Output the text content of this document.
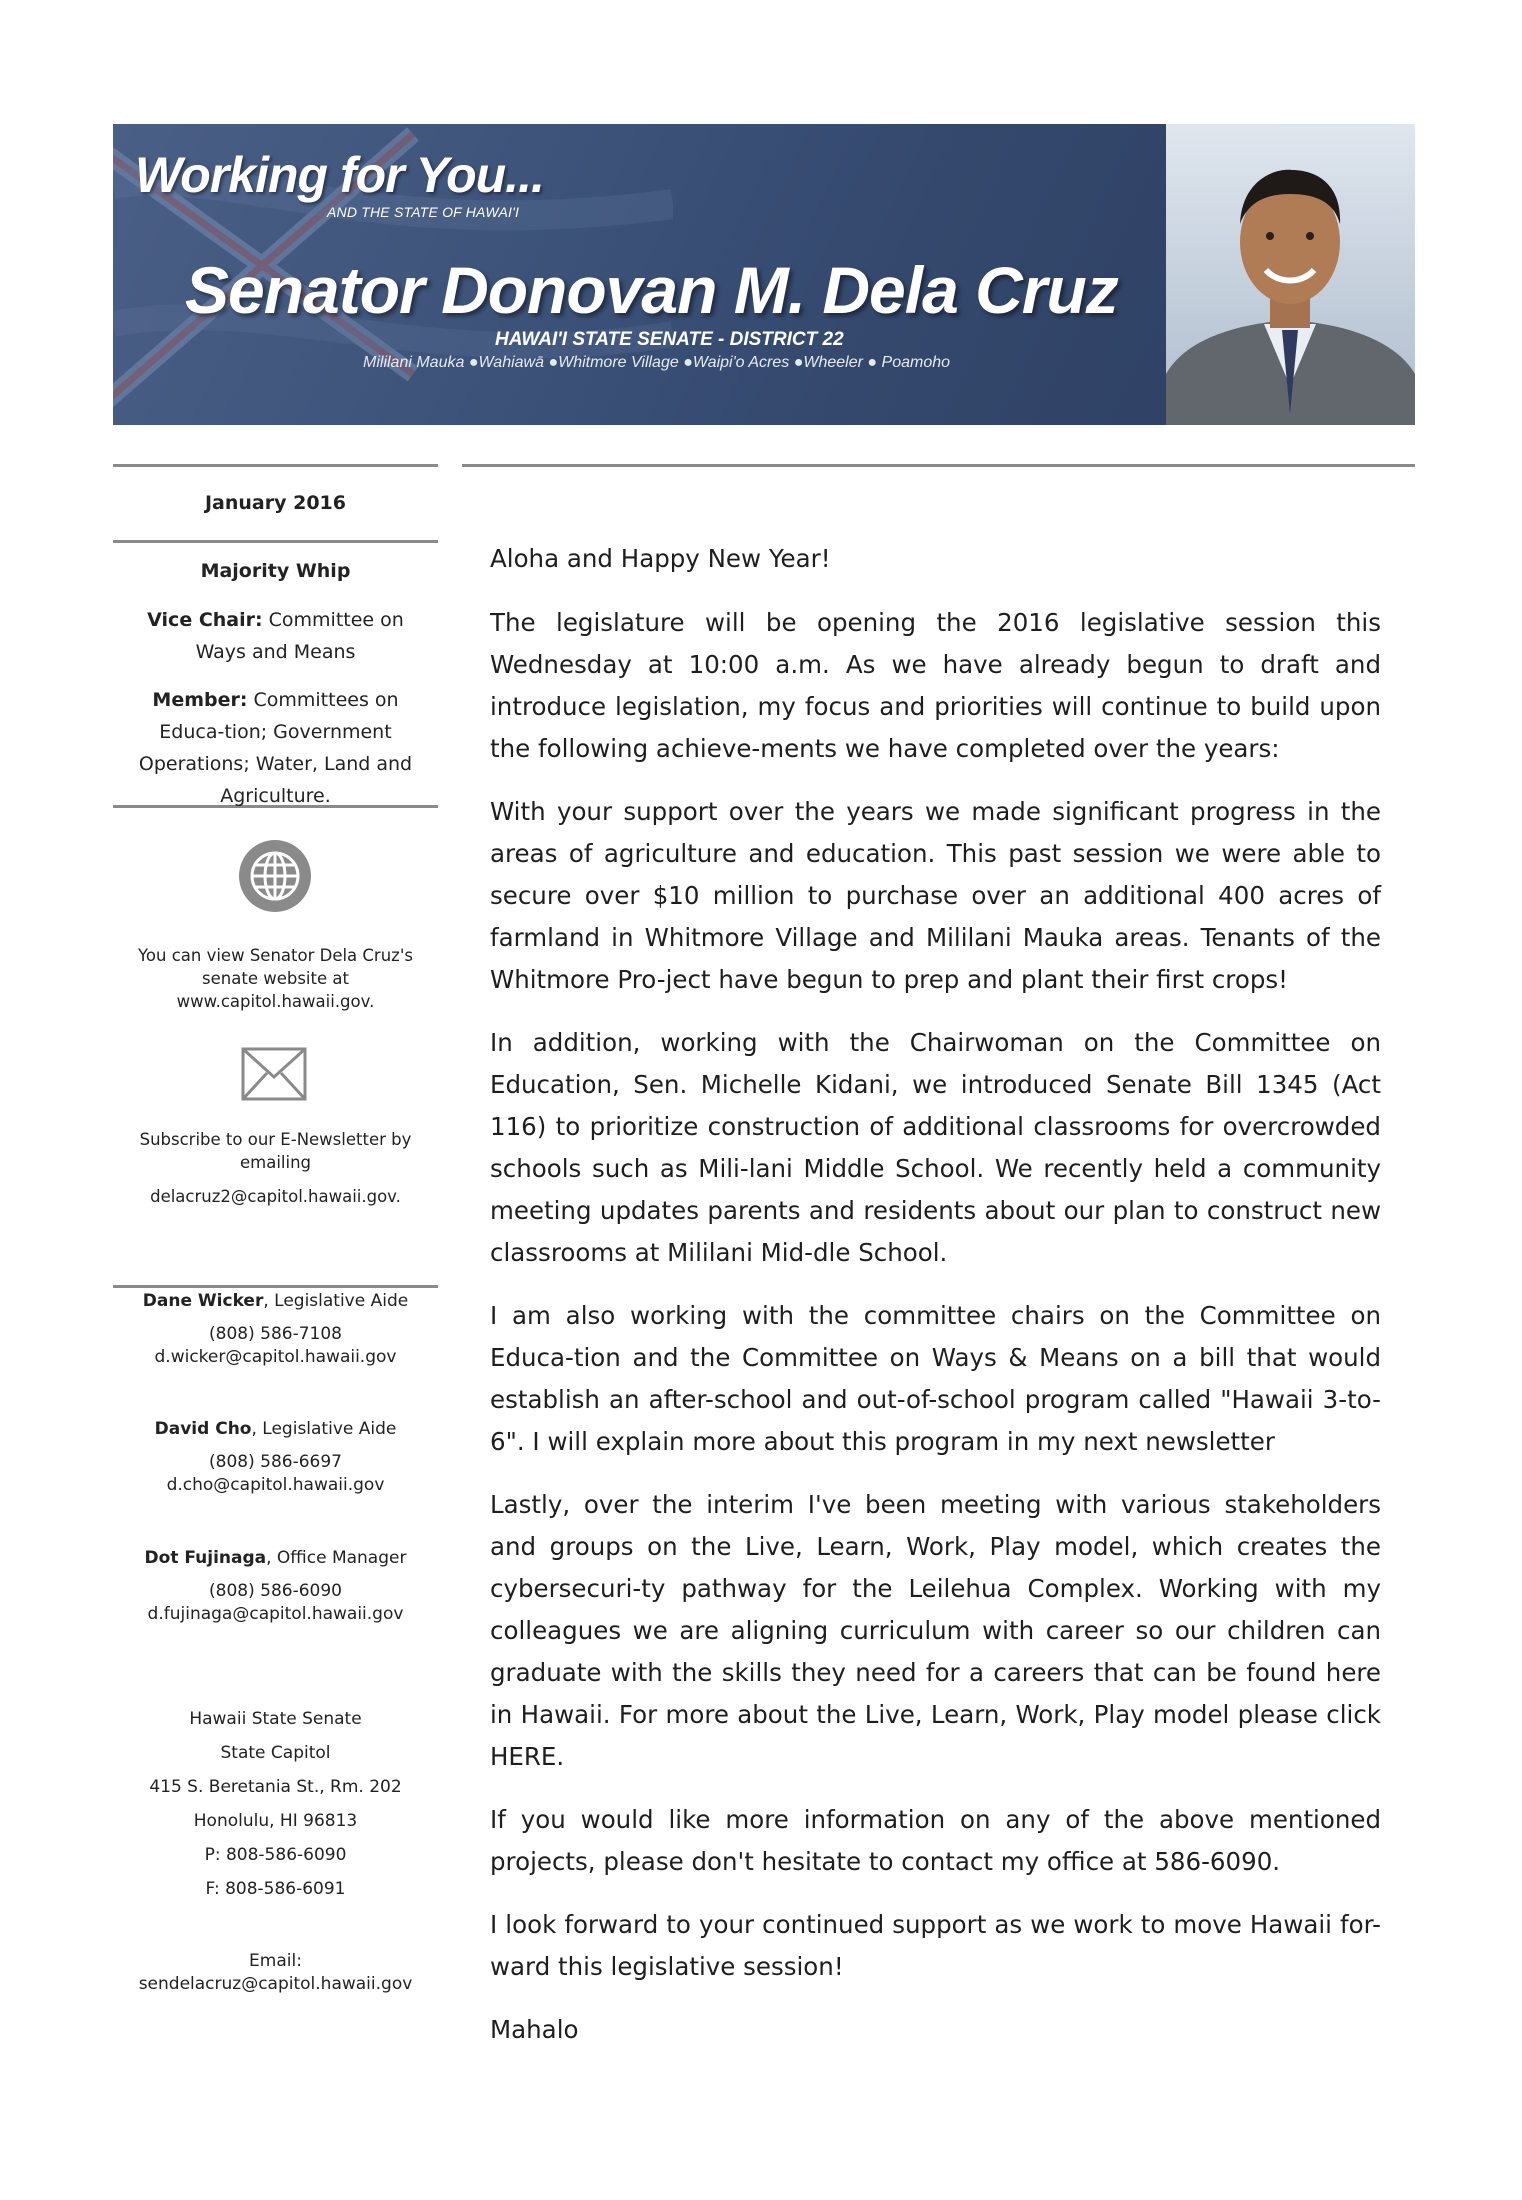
Working for You...
AND THE STATE OF HAWAI'I
Senator Donovan M. Dela Cruz
HAWAI'I STATE SENATE - DISTRICT 22
Mililani Mauka ●Wahiawā ●Whitmore Village ●Waipi'o Acres ●Wheeler ● Poamoho
January 2016
Majority Whip
Vice Chair: Committee on Ways and Means
Member: Committees on Educa-tion; Government Operations; Water, Land and Agriculture.
You can view Senator Dela Cruz's
senate website at
www.capitol.hawaii.gov.
Subscribe to our E-Newsletter by
emailing
delacruz2@capitol.hawaii.gov.
Dane Wicker, Legislative Aide
(808) 586-7108
d.wicker@capitol.hawaii.gov
David Cho, Legislative Aide
(808) 586-6697
d.cho@capitol.hawaii.gov
Dot Fujinaga, Office Manager
(808) 586-6090
d.fujinaga@capitol.hawaii.gov
Hawaii State Senate
State Capitol
415 S. Beretania St., Rm. 202
Honolulu, HI 96813
P: 808-586-6090
F: 808-586-6091
Email:
sendelacruz@capitol.hawaii.gov

Aloha and Happy New Year!

The legislature will be opening the 2016 legislative session this Wednesday at 10:00 a.m. As we have already begun to draft and introduce legislation, my focus and priorities will continue to build upon the following achieve-ments we have completed over the years:

With your support over the years we made significant progress in the areas of agriculture and education. This past session we were able to secure over $10 million to purchase over an additional 400 acres of farmland in Whitmore Village and Mililani Mauka areas. Tenants of the Whitmore Pro-ject have begun to prep and plant their first crops!

In addition, working with the Chairwoman on the Committee on Education, Sen. Michelle Kidani, we introduced Senate Bill 1345 (Act 116) to prioritize construction of additional classrooms for overcrowded schools such as Mili-lani Middle School. We recently held a community meeting updates parents and residents about our plan to construct new classrooms at Mililani Mid-dle School.

I am also working with the committee chairs on the Committee on Educa-tion and the Committee on Ways & Means on a bill that would establish an after-school and out-of-school program called "Hawaii 3-to-6". I will explain more about this program in my next newsletter

Lastly, over the interim I've been meeting with various stakeholders and groups on the Live, Learn, Work, Play model, which creates the cybersecuri-ty pathway for the Leilehua Complex. Working with my colleagues we are aligning curriculum with career so our children can graduate with the skills they need for a careers that can be found here in Hawaii. For more about the Live, Learn, Work, Play model please click HERE.

If you would like more information on any of the above mentioned projects, please don't hesitate to contact my office at 586-6090.

I look forward to your continued support as we work to move Hawaii for-ward this legislative session!

Mahalo
